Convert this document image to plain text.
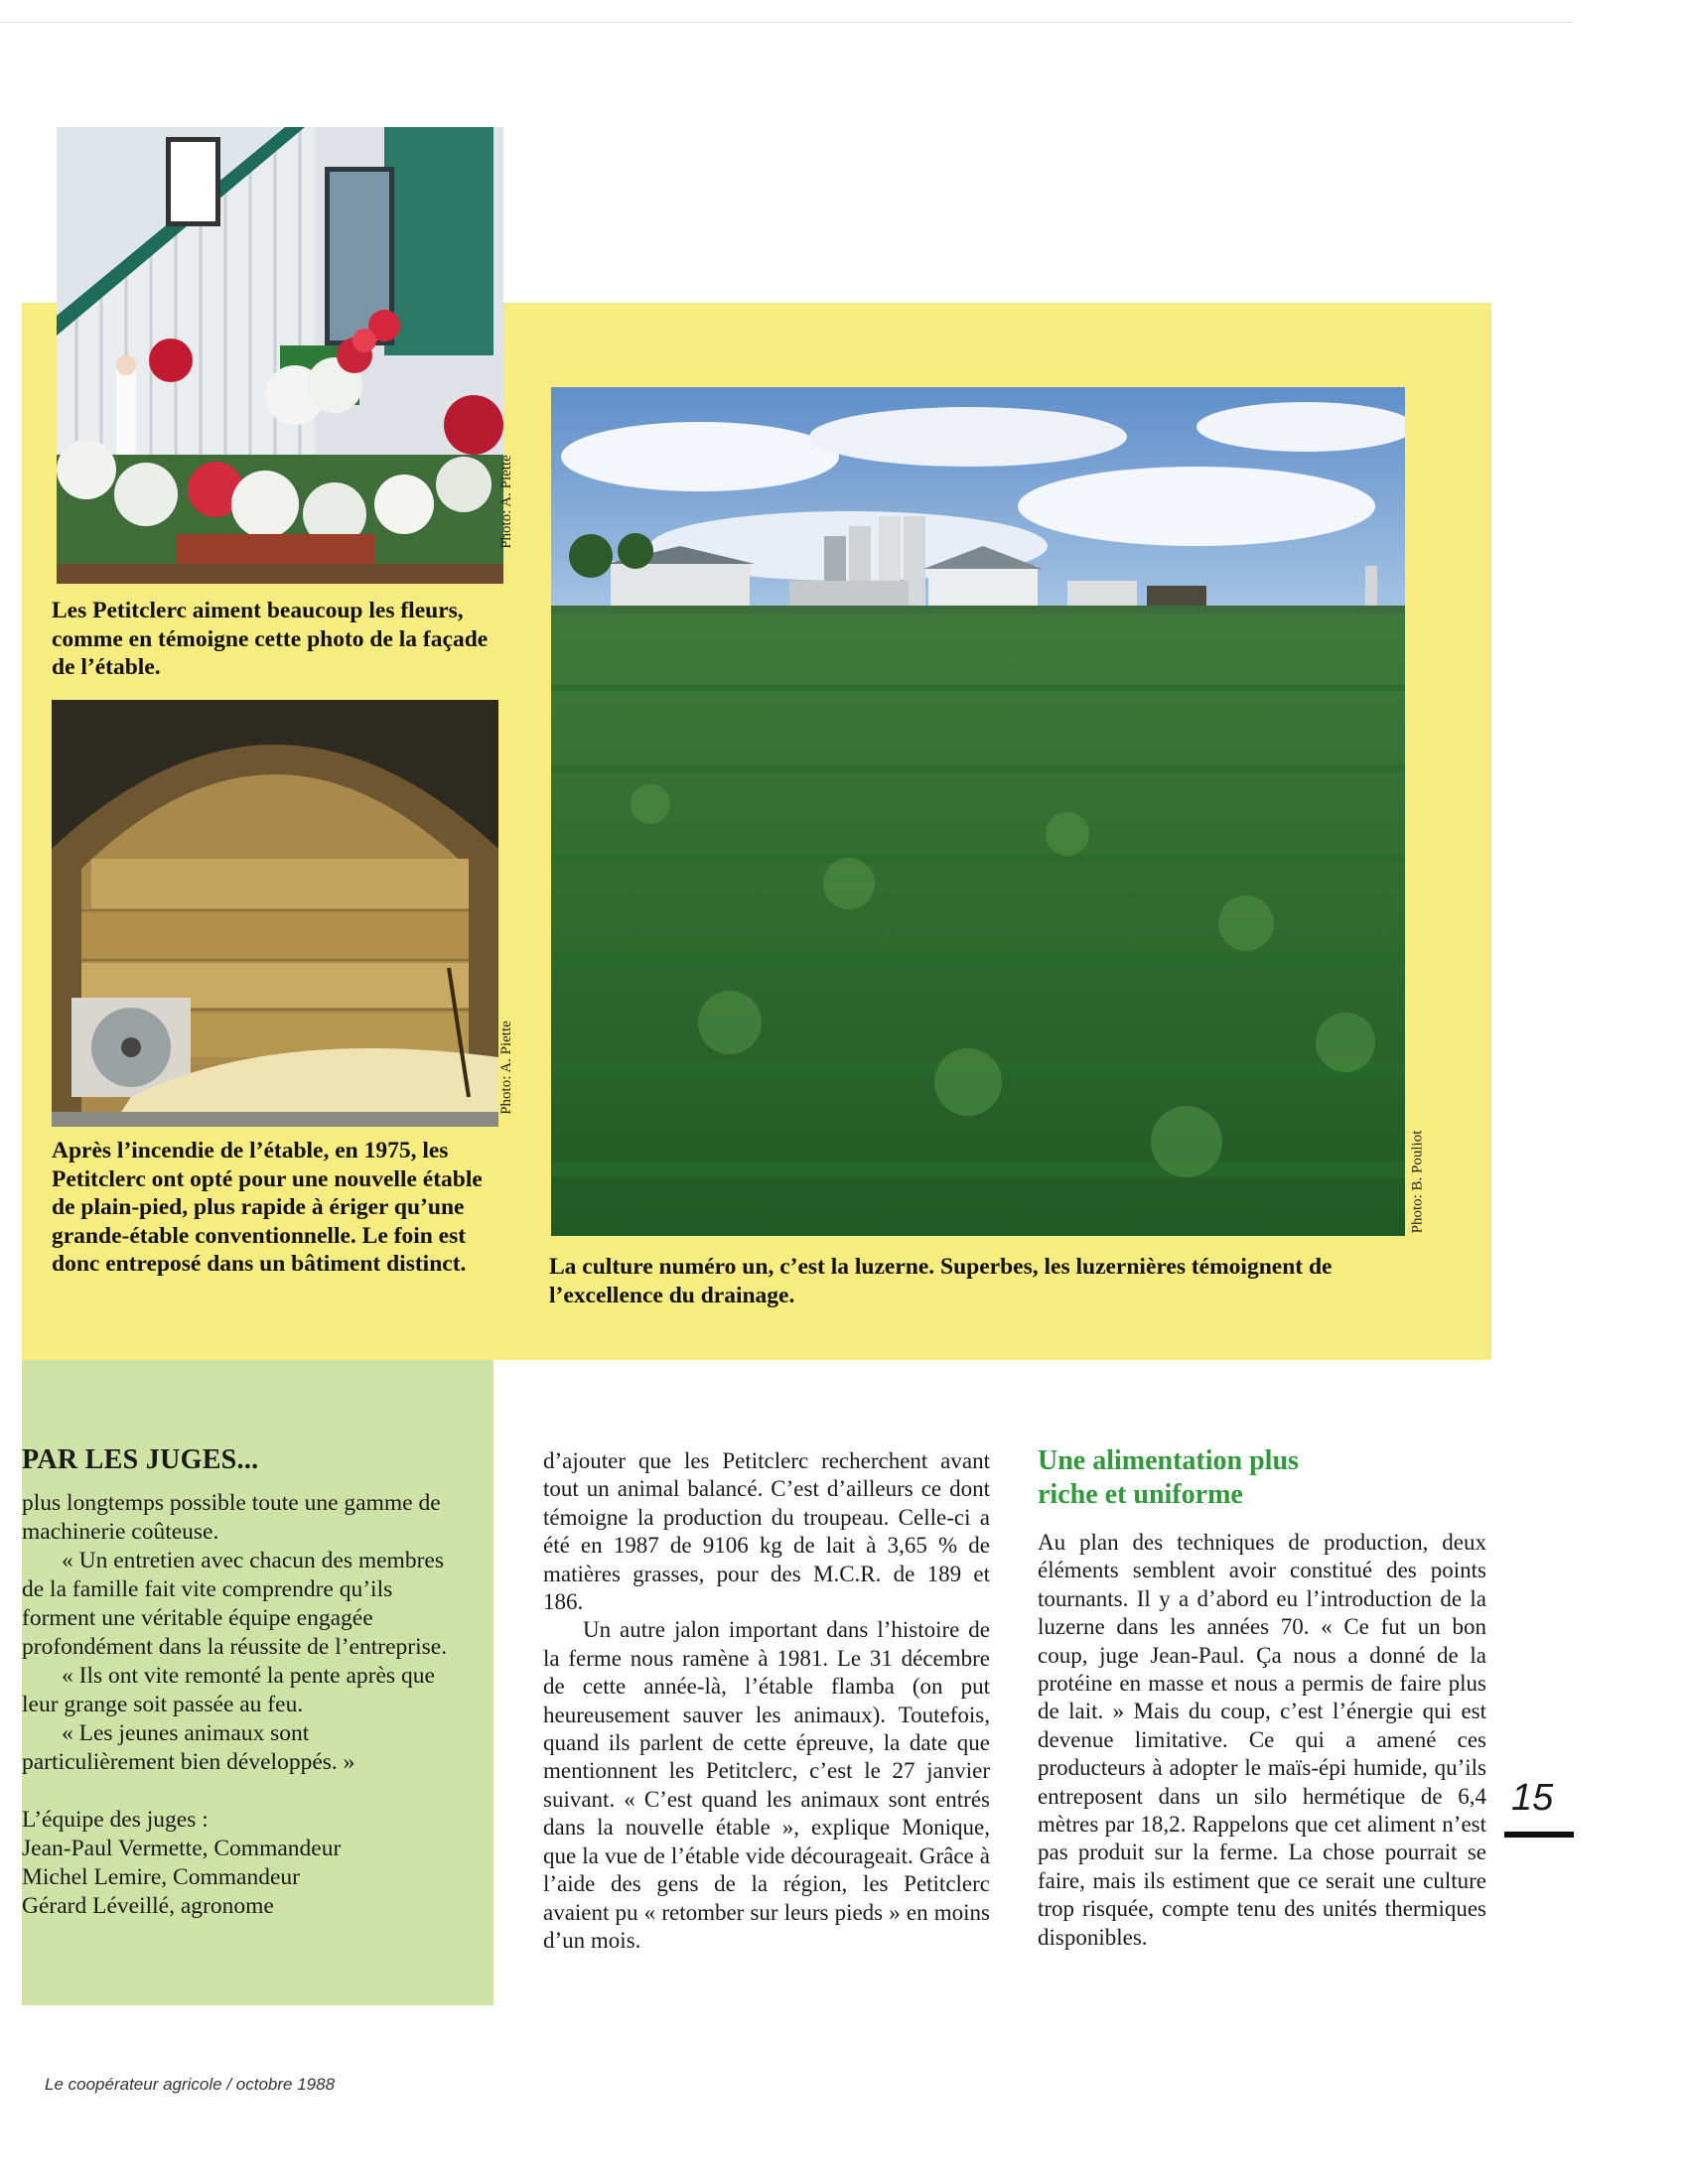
Photo: A. Piette
Les Petitclerc aiment beaucoup les fleurs, comme en témoigne cette photo de la façade de l’étable.
Photo: A. Piette
Après l’incendie de l’étable, en 1975, les Petitclerc ont opté pour une nouvelle étable de plain-pied, plus rapide à ériger qu’une grande-étable conventionnelle. Le foin est donc entreposé dans un bâtiment distinct.
Photo: B. Pouliot
La culture numéro un, c’est la luzerne. Superbes, les luzernières témoignent de l’excellence du drainage.
PAR LES JUGES...

plus longtemps possible toute une gamme de machinerie coûteuse.

« Un entretien avec chacun des membres de la famille fait vite comprendre qu’ils forment une véritable équipe engagée profondément dans la réussite de l’entreprise.

« Ils ont vite remonté la pente après que leur grange soit passée au feu.

« Les jeunes animaux sont particulièrement bien développés. »

L’équipe des juges :

Jean-Paul Vermette, Commandeur

Michel Lemire, Commandeur

Gérard Léveillé, agronome

d’ajouter que les Petitclerc recherchent avant tout un animal balancé. C’est d’ailleurs ce dont témoigne la production du troupeau. Celle-ci a été en 1987 de 9106 kg de lait à 3,65 % de matières grasses, pour des M.C.R. de 189 et 186.

Un autre jalon important dans l’histoire de la ferme nous ramène à 1981. Le 31 décembre de cette année-là, l’étable flamba (on put heureusement sauver les animaux). Toutefois, quand ils parlent de cette épreuve, la date que mentionnent les Petitclerc, c’est le 27 janvier suivant. « C’est quand les animaux sont entrés dans la nouvelle étable », explique Monique, que la vue de l’étable vide décourageait. Grâce à l’aide des gens de la région, les Petitclerc avaient pu « retomber sur leurs pieds » en moins d’un mois.

Une alimentation plus riche et uniforme

Au plan des techniques de production, deux éléments semblent avoir constitué des points tournants. Il y a d’abord eu l’introduction de la luzerne dans les années 70. « Ce fut un bon coup, juge Jean-Paul. Ça nous a donné de la protéine en masse et nous a permis de faire plus de lait. » Mais du coup, c’est l’énergie qui est devenue limitative. Ce qui a amené ces producteurs à adopter le maïs-épi humide, qu’ils entreposent dans un silo hermétique de 6,4 mètres par 18,2. Rappelons que cet aliment n’est pas produit sur la ferme. La chose pourrait se faire, mais ils estiment que ce serait une culture trop risquée, compte tenu des unités thermiques disponibles.

15
Le coopérateur agricole / octobre 1988
